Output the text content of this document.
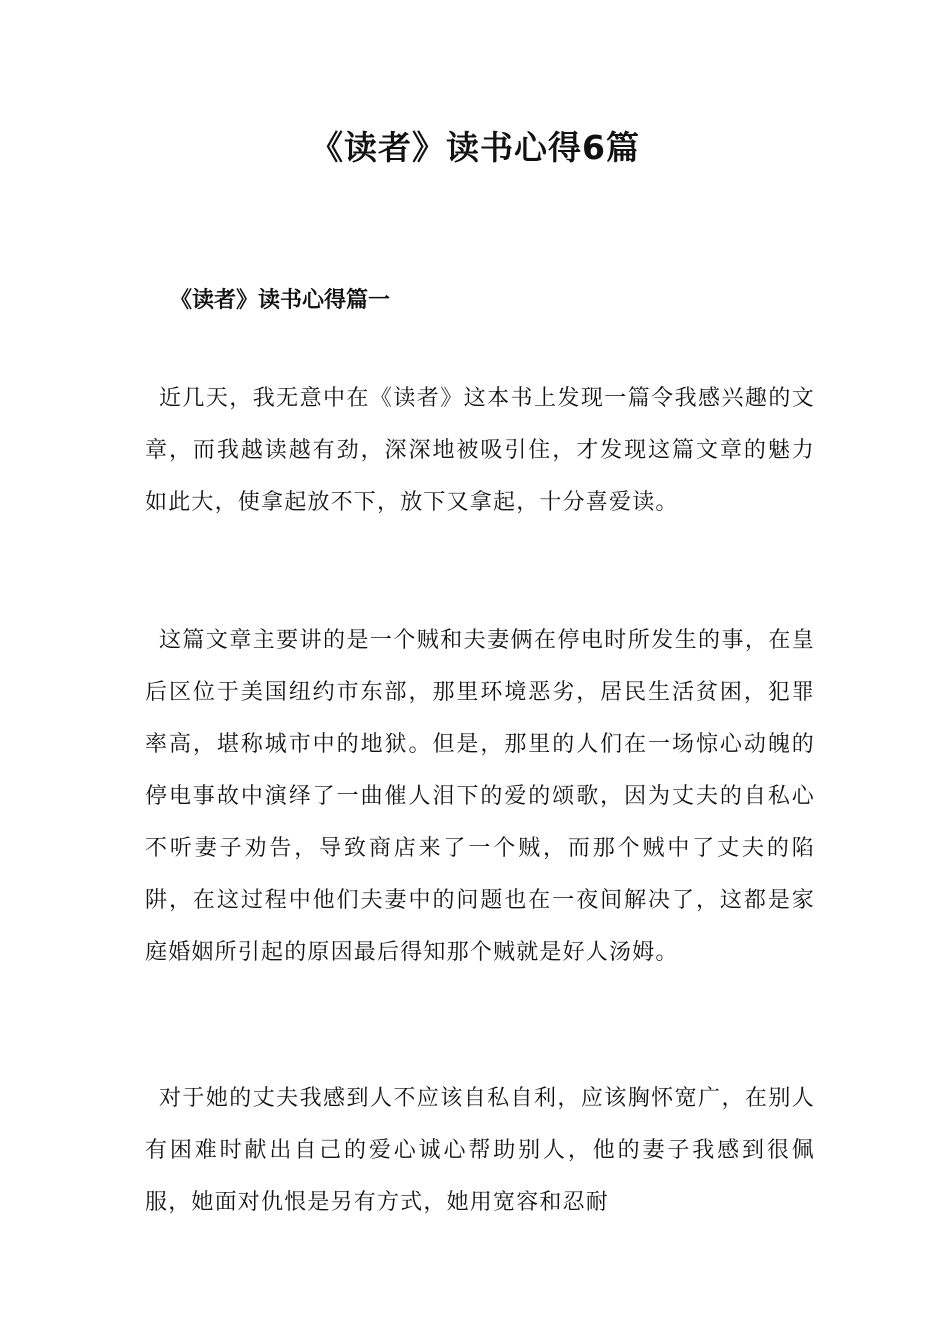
《读者》读书心得6篇
《读者》读书心得篇一

近几天，我无意中在《读者》这本书上发现一篇令我感兴趣的文章，而我越读越有劲，深深地被吸引住，才发现这篇文章的魅力如此大，使拿起放不下，放下又拿起，十分喜爱读。

这篇文章主要讲的是一个贼和夫妻俩在停电时所发生的事，在皇后区位于美国纽约市东部，那里环境恶劣，居民生活贫困，犯罪率高，堪称城市中的地狱。但是，那里的人们在一场惊心动魄的停电事故中演绎了一曲催人泪下的爱的颂歌，因为丈夫的自私心不听妻子劝告，导致商店来了一个贼，而那个贼中了丈夫的陷阱，在这过程中他们夫妻中的问题也在一夜间解决了，这都是家庭婚姻所引起的原因最后得知那个贼就是好人汤姆。

对于她的丈夫我感到人不应该自私自利，应该胸怀宽广，在别人有困难时献出自己的爱心诚心帮助别人，他的妻子我感到很佩服，她面对仇恨是另有方式，她用宽容和忍耐
